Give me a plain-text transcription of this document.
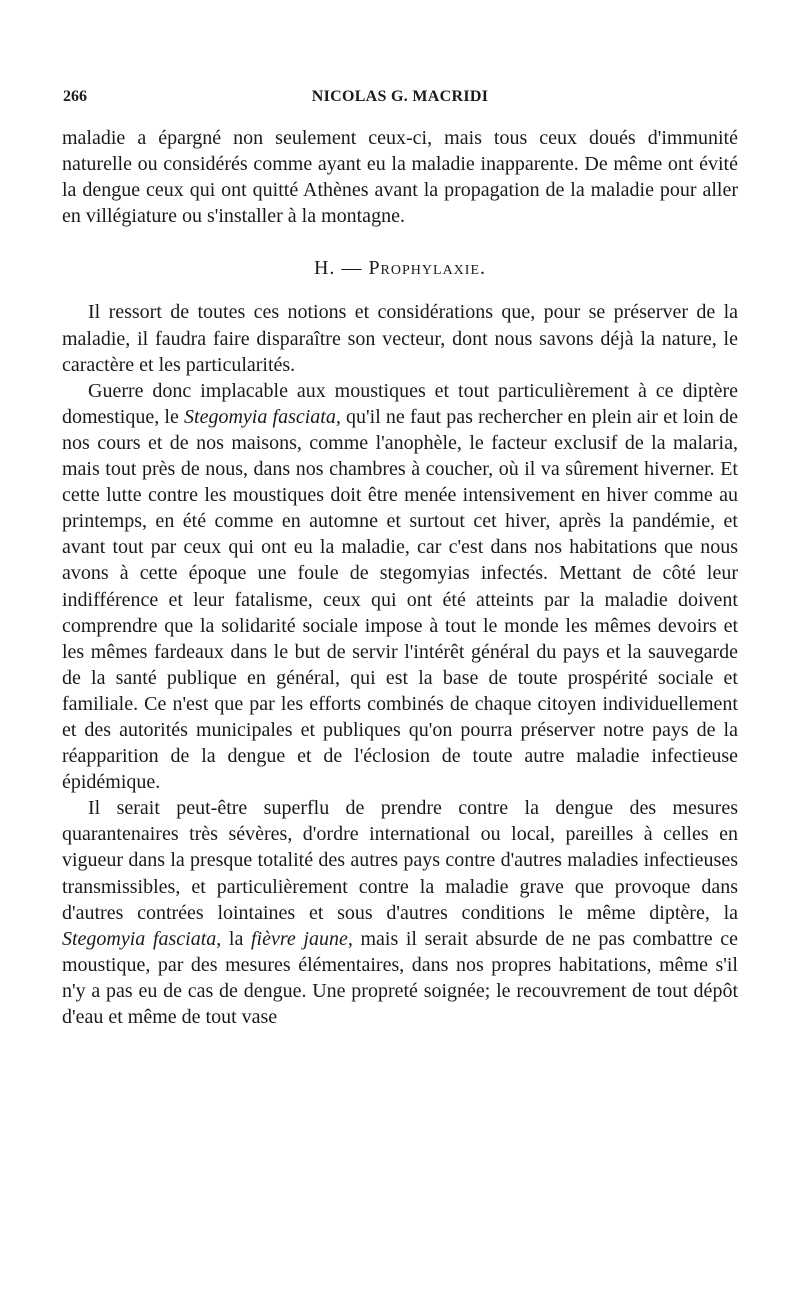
266	NICOLAS G. MACRIDI

maladie a épargné non seulement ceux-ci, mais tous ceux doués d'immunité naturelle ou considérés comme ayant eu la maladie inapparente. De même ont évité la dengue ceux qui ont quitté Athènes avant la propagation de la maladie pour aller en villégiature ou s'installer à la montagne.

H. — Prophylaxie.

Il ressort de toutes ces notions et considérations que, pour se préserver de la maladie, il faudra faire disparaître son vecteur, dont nous savons déjà la nature, le caractère et les particularités.

Guerre donc implacable aux moustiques et tout particulièrement à ce diptère domestique, le Stegomyia fasciata, qu'il ne faut pas rechercher en plein air et loin de nos cours et de nos maisons, comme l'anophèle, le facteur exclusif de la malaria, mais tout près de nous, dans nos chambres à coucher, où il va sûrement hiverner. Et cette lutte contre les moustiques doit être menée intensivement en hiver comme au printemps, en été comme en automne et surtout cet hiver, après la pandémie, et avant tout par ceux qui ont eu la maladie, car c'est dans nos habitations que nous avons à cette époque une foule de stegomyias infectés. Mettant de côté leur indifférence et leur fatalisme, ceux qui ont été atteints par la maladie doivent comprendre que la solidarité sociale impose à tout le monde les mêmes devoirs et les mêmes fardeaux dans le but de servir l'intérêt général du pays et la sauvegarde de la santé publique en général, qui est la base de toute prospérité sociale et familiale. Ce n'est que par les efforts combinés de chaque citoyen individuellement et des autorités municipales et publiques qu'on pourra préserver notre pays de la réapparition de la dengue et de l'éclosion de toute autre maladie infectieuse épidémique.

Il serait peut-être superflu de prendre contre la dengue des mesures quarantenaires très sévères, d'ordre international ou local, pareilles à celles en vigueur dans la presque totalité des autres pays contre d'autres maladies infectieuses transmissibles, et particulièrement contre la maladie grave que provoque dans d'autres contrées lointaines et sous d'autres conditions le même diptère, la Stegomyia fasciata, la fièvre jaune, mais il serait absurde de ne pas combattre ce moustique, par des mesures élémentaires, dans nos propres habitations, même s'il n'y a pas eu de cas de dengue. Une propreté soignée; le recouvrement de tout dépôt d'eau et même de tout vase
